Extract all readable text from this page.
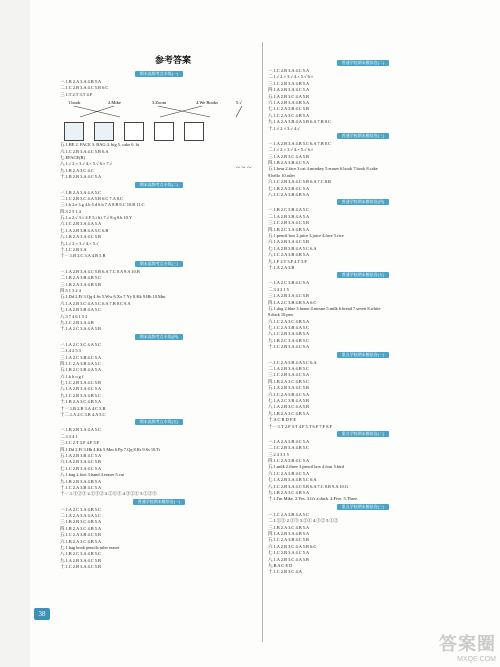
参考答案
期末高频考点专练(一)
一.1.B 2.A 3.A 4.B 5.A
二.1.C 2.B 3.A 4.C 5.B 6.C
三.1.T 2.T 3.T 4.F
1.book	2.Mike	3.Zoom	4.We Books	5.√
五.1.BE 2. FACE 3. BAG 4. big 5. cake 6. hi
六.1.C 2.B 3.A 4.C 5.B 6.A
七.EFACE(B)
八.1.√ 2.× 3.√ 4.× 5.√ 6.× 7.√
九.1.B 2.A 3.C 4.C
十.1.B 2.B 3.A 4.C 5.A
期末高频考点专练(二)
一.1.B 2.A 3.A 4.A 5.C
二.1.C 2.B 3.C 4.A 5.B 6.C 7.A 8.C
三.1.b 2.e 3.g 4.b 5.d 6.b 7.A 8.B 9.C 10.B 11.C
四.3 2 5 1 4
五.1.a 2.√ 3.√ 4.F 5.i 6.i 7.√ 8.q 9.h 10.Y
六.1.C 2.B 3.A 4.A 5.A
七.1.A 2.B 3.B 4.A 5.C 6.B
八.1.B 2.A 3.A 4.C 5.B
九.1.√ 2.× 3.√ 4.× 5.√
十.1.C 2.B 3.A
十一.1.B 2.C 3.A 4.B 5.B
期末高频考点专练(三)
一.1.A 2.B 3.A 4.C 5.B 6.A 7.C 8.A 9.A 10.B
二.1.B 2.A 3.B 4.B 5.C
三.1.B 2.A 3.A 4.B 5.B
四.5 1 3 2 4
五.1.Dd 2.Ff 3.Qq 4.Ss 5.Ww 6.Xx 7.Yy 8.Kk 9.Hh 10.Mm
六.1.A 2.B 3.C 4.A 5.C 6.A 7.B 8.C 9.A
七.1.A 2.B 3.B 4.A 5.C
八.3 7 4 6 1 5 2
九.1.C 2.B 3.A 4.B
十.1.A 2.C 3.A 4.A 5.B
期末高频考点专练(四)
一.1.A 2.C 3.C 4.A 5.C
二.1.4 2 5 3
三.1.A 2.C 3.B 4.C 5.A
四.1.C 2.A 3.B 4.A 5.C
五.1.B 2.C 3.B 4.A 5.A
六.1.k h o g f
七.1.C 2.B 3.A 4.C 5.B
八.1.A 2.B 3.A 4.C 5.A
九.1.C 2.B 3.A 4.B 5.C
十.1.B 2.A 3.C 4.B 5.A
十一.1.B 2.B 3.A 4.C 5.B
十二.1.A 2.C 3.B 4.A 5.C
期末高频考点专练(五)
一.1.B 2.B 3.A 4.A 5.C
二.3 3 4 1
三.1.C 2.T 3.F 4.F 5.F
四.1.Dd 2.Ff 3.Hh 4.Kk 5.Mm 6.Pp 7.Qq 8.Rr 9.Ss 10.Tt
五.1.A 2.B 3.B 4.C 5.A
六.1.A 2.B 3.A 4.C 5.B
七.1.C 2.B 3.A 4.C 5.A
八.1.bag 2.foot 3.hand 4.eraser 5.cat
九.1.B 2.B 3.A 4.B 5.A
十.1.C 2.A 3.B 4.C 5.A
十一.1.①②③ 2.①③② 3.②①③ 4.③②① 5.①②③
普通学校期末模拟卷(一)
一.1.A 2.C 3.A 4.B 5.C
二.1.A 2.A 3.A 4.A 5.C
三.1.B 2.B 3.C 4.B 5.A
四.1.B 2.A 3.C 4.B 5.A
五.1.C 2.A 3.B 4.C 5.B
六.1.B 2.A 3.C 4.B 5.A
七.1.bag book pencils ruler eraser
八.1.B 2.C 3.A 4.B 5.C
九.1.A 2.B 3.A 4.C 5.B
十.1.C 2.B 3.A 4.C 5.B
普通学校期末模拟卷(二)
一.1.C 2.B 3.A 4.C 5.A
二.1.√ 2.× 3.√ 4.× 5.√ 6.×
三.1.C 2.B 3.A 4.B 5.A
四.1.A 2.B 3.A 4.C 5.A
五.1.A 2.B 3.C 4.A 5.B
六.1.A 2.B 3.A 4.B 5.A
七.1.C 2.A 3.B 4.C 5.B
八.1.C 2.A 3.C 4.B 5.A
九.1.A 2.A 3.B 4.A 5.B 6.A 7.B 8.C
十.1.√ 2.× 3.√ 4.√
普通学校期末模拟卷(三)
一.1.A 2.B 3.A 4.B 5.C 6.A 7.B 8.C
二.1.√ 2.× 3.√ 4.× 5.√ 6.×
三.1.A 2.B 3.C 4.A 5.B
四.1.B 2.A 3.B 4.C 5.A
五.1.bear 2.face 3.cat 4.monkey 5.eraser 6.book 7.book 8.cake
9.hello 10.ruler
六.1.C 2.B 3.A 4.C 5.B 6.A 7.C 8.B
七.1.B 2.A 3.B 4.C 5.A
八.1.C 2.A 3.B 4.B 5.A
普通学校期末模拟卷(四)
一.1.B 2.C 3.B 4.A 5.C
二.1.A 2.B 3.B 4.A 5.A
三.1.C 2.B 3.A 4.C 5.B
四.1.B 2.C 3.A 4.B 5.A
五.1.pencil box 2.juice 3.juice 4.face 5.rice
六.1.A 2.B 3.A 4.C 5.B
七.1.A 2.B 3.B 4.A 5.C 6.A
八.1.C 2.A 3.B 4.B 5.A
九.1.F 2.T 3.F 4.T 5.F
十.1.A 2.A 3.B
普通学校期末模拟卷(五)
一.1.A 2.C 3.B 4.C 5.A
二.3 4 2 1 5
三.1.A 2.B 3.A 4.C 5.B
四.1.A 2.C 3.B 4.B 5.A 6.C
五.1.dog 2.blue 3.home 4.mouse 5.milk 6.bread 7.seven 8.white
9.duck 10.pen
六.1.C 2.A 3.C 4.B 5.A
七.1.C 2.A 3.B 4.A 5.C
八.1.C 2.B 3.A 4.B 5.A
九.1.B 2.C 3.A 4.B 5.C
十.1.C 2.B 3.A 4.C 5.A
重点学校期末模拟卷(一)
一.1.C 2.A 3.B 4.A 5.C 6.A
二.1.A 2.B 3.A 4.B 5.C
三.1.C 2.B 3.A 4.C 5.A
四.1.B 2.A 3.C 4.B 5.C
五.1.A 2.B 3.A 4.C 5.B
六.1.C 2.A 3.B 4.C 5.A
七.1.A 2.C 3.B 4.A 5.B
八.1.A 2.B 3.C 4.A 5.B
九.1.B 2.A 3.C 4.B 5.A
十.A C B D F E
十一.1.T 2.F 3.T 4.F 5.T 6.F 7.F 8.F
重点学校期末模拟卷(二)
一.1.A 2.A 3.B 4.C 5.A
二.1.C 2.B 3.A 4.B 5.C
三.2 4 3 1 5
四.1.C 2.A 3.B 4.C 5.A
五.1.milk 2.three 3.pencil box 4.four 5.bird
六.1.C 2.A 3.B 4.C 5.A
七.1.A 2.B 3.A 4.B 5.C 6.A
八.1.C 2.B 3.A 4.C 5.B 6.A 7.C 8.B 9.A 10.G
九.1.B 2.A 3.C 4.B 5.A
十.1.I'm Mike. 2.Yes. 3.It's a duck. 4.Five. 5.Three.
重点学校期末模拟卷(三)
一.1.C 2.A 3.B 4.A 5.C
二.1.①② 2.①③ 3.②① 4.③② 5.①②
三.1.B 2.A 3.C 4.B 5.A
四.1.A 2.B 3.A 4.B 5.A
五.1.C 2.A 3.B 4.C 5.B
六.1.A 2.B 3.C 4.A 5.B 6.C
七.1.C 2.B 3.A 4.C 5.A
八.1.A 2.B 3.C 4.A 5.B
九.B A C E D
十.1.C 2.B 3.C 4.A
~ ~ ~
38
答案圈
MXQE.COM
